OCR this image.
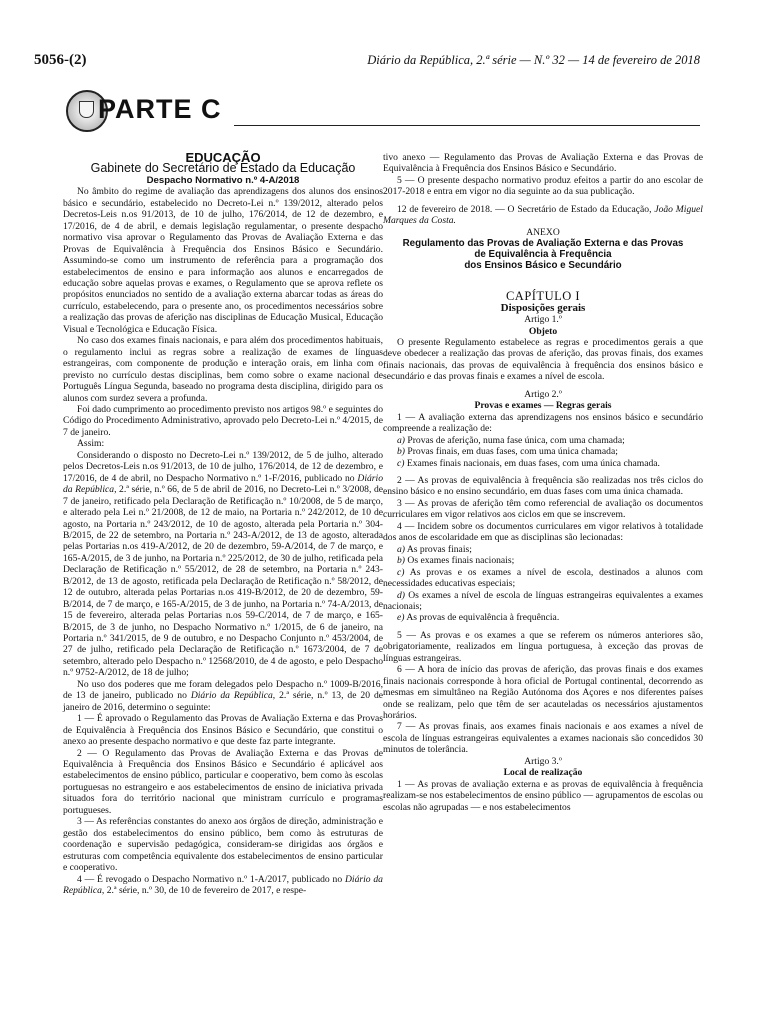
5056-(2)	Diário da República, 2.ª série — N.º 32 — 14 de fevereiro de 2018
PARTE C

EDUCAÇÃO

Gabinete do Secretário de Estado da Educação

Despacho Normativo n.º 4-A/2018

No âmbito do regime de avaliação das aprendizagens dos alunos dos ensinos básico e secundário, estabelecido no Decreto-Lei n.º 139/2012, alterado pelos Decretos-Leis n.os 91/2013, de 10 de julho, 176/2014, de 12 de dezembro, e 17/2016, de 4 de abril, e demais legislação regulamentar, o presente despacho normativo visa aprovar o Regulamento das Provas de Avaliação Externa e das Provas de Equivalência à Frequência dos Ensinos Básico e Secundário. Assumindo-se como um instrumento de referência para a programação dos estabelecimentos de ensino e para informação aos alunos e encarregados de educação sobre aquelas provas e exames, o Regulamento que se aprova reflete os propósitos enunciados no sentido de a avaliação externa abarcar todas as áreas do currículo, estabelecendo, para o presente ano, os procedimentos necessários sobre a realização das provas de aferição nas disciplinas de Educação Musical, Educação Visual e Tecnológica e Educação Física.

No caso dos exames finais nacionais, e para além dos procedimentos habituais, o regulamento inclui as regras sobre a realização de exames de línguas estrangeiras, com componente de produção e interação orais, em linha com o previsto no currículo destas disciplinas, bem como sobre o exame nacional de Português Língua Segunda, baseado no programa desta disciplina, dirigido para os alunos com surdez severa a profunda.

Foi dado cumprimento ao procedimento previsto nos artigos 98.º e seguintes do Código do Procedimento Administrativo, aprovado pelo Decreto-Lei n.º 4/2015, de 7 de janeiro.

Assim:

Considerando o disposto no Decreto-Lei n.º 139/2012, de 5 de julho, alterado pelos Decretos-Leis n.os 91/2013, de 10 de julho, 176/2014, de 12 de dezembro, e 17/2016, de 4 de abril, no Despacho Normativo n.º 1-F/2016, publicado no Diário da República, 2.ª série, n.º 66, de 5 de abril de 2016, no Decreto-Lei n.º 3/2008, de 7 de janeiro, retificado pela Declaração de Retificação n.º 10/2008, de 5 de março, e alterado pela Lei n.º 21/2008, de 12 de maio, na Portaria n.º 242/2012, de 10 de agosto, na Portaria n.º 243/2012, de 10 de agosto, alterada pela Portaria n.º 304-B/2015, de 22 de setembro, na Portaria n.º 243-A/2012, de 13 de agosto, alterada pelas Portarias n.os 419-A/2012, de 20 de dezembro, 59-A/2014, de 7 de março, e 165-A/2015, de 3 de junho, na Portaria n.º 225/2012, de 30 de julho, retificada pela Declaração de Retificação n.º 55/2012, de 28 de setembro, na Portaria n.º 243-B/2012, de 13 de agosto, retificada pela Declaração de Retificação n.º 58/2012, de 12 de outubro, alterada pelas Portarias n.os 419-B/2012, de 20 de dezembro, 59-B/2014, de 7 de março, e 165-A/2015, de 3 de junho, na Portaria n.º 74-A/2013, de 15 de fevereiro, alterada pelas Portarias n.os 59-C/2014, de 7 de março, e 165-B/2015, de 3 de junho, no Despacho Normativo n.º 1/2015, de 6 de janeiro, na Portaria n.º 341/2015, de 9 de outubro, e no Despacho Conjunto n.º 453/2004, de 27 de julho, retificado pela Declaração de Retificação n.º 1673/2004, de 7 de setembro, alterado pelo Despacho n.º 12568/2010, de 4 de agosto, e pelo Despacho n.º 9752-A/2012, de 18 de julho;

No uso dos poderes que me foram delegados pelo Despacho n.º 1009-B/2016, de 13 de janeiro, publicado no Diário da República, 2.ª série, n.º 13, de 20 de janeiro de 2016, determino o seguinte:

1 — É aprovado o Regulamento das Provas de Avaliação Externa e das Provas de Equivalência à Frequência dos Ensinos Básico e Secundário, que constitui o anexo ao presente despacho normativo e que deste faz parte integrante.

2 — O Regulamento das Provas de Avaliação Externa e das Provas de Equivalência à Frequência dos Ensinos Básico e Secundário é aplicável aos estabelecimentos de ensino público, particular e cooperativo, bem como às escolas portuguesas no estrangeiro e aos estabelecimentos de ensino de iniciativa privada situados fora do território nacional que ministram currículo e programas portugueses.

3 — As referências constantes do anexo aos órgãos de direção, administração e gestão dos estabelecimentos do ensino público, bem como às estruturas de coordenação e supervisão pedagógica, consideram-se dirigidas aos órgãos e estruturas com competência equivalente dos estabelecimentos de ensino particular e cooperativo.

4 — É revogado o Despacho Normativo n.º 1-A/2017, publicado no Diário da República, 2.ª série, n.º 30, de 10 de fevereiro de 2017, e respe-

tivo anexo — Regulamento das Provas de Avaliação Externa e das Provas de Equivalência à Frequência dos Ensinos Básico e Secundário.

5 — O presente despacho normativo produz efeitos a partir do ano escolar de 2017-2018 e entra em vigor no dia seguinte ao da sua publicação.

12 de fevereiro de 2018. — O Secretário de Estado da Educação, João Miguel Marques da Costa.

ANEXO

Regulamento das Provas de Avaliação Externa e das Provas
de Equivalência à Frequência
dos Ensinos Básico e Secundário

CAPÍTULO I

Disposições gerais

Artigo 1.º

Objeto

O presente Regulamento estabelece as regras e procedimentos gerais a que deve obedecer a realização das provas de aferição, das provas finais, dos exames finais nacionais, das provas de equivalência à frequência dos ensinos básico e secundário e das provas finais e exames a nível de escola.

Artigo 2.º

Provas e exames — Regras gerais

1 — A avaliação externa das aprendizagens nos ensinos básico e secundário compreende a realização de:

a) Provas de aferição, numa fase única, com uma chamada;

b) Provas finais, em duas fases, com uma única chamada;

c) Exames finais nacionais, em duas fases, com uma única chamada.

2 — As provas de equivalência à frequência são realizadas nos três ciclos do ensino básico e no ensino secundário, em duas fases com uma única chamada.

3 — As provas de aferição têm como referencial de avaliação os documentos curriculares em vigor relativos aos ciclos em que se inscrevem.

4 — Incidem sobre os documentos curriculares em vigor relativos à totalidade dos anos de escolaridade em que as disciplinas são lecionadas:

a) As provas finais;

b) Os exames finais nacionais;

c) As provas e os exames a nível de escola, destinados a alunos com necessidades educativas especiais;

d) Os exames a nível de escola de línguas estrangeiras equivalentes a exames nacionais;

e) As provas de equivalência à frequência.

5 — As provas e os exames a que se referem os números anteriores são, obrigatoriamente, realizados em língua portuguesa, à exceção das provas de línguas estrangeiras.

6 — A hora de início das provas de aferição, das provas finais e dos exames finais nacionais corresponde à hora oficial de Portugal continental, decorrendo as mesmas em simultâneo na Região Autónoma dos Açores e nos diferentes países onde se realizam, pelo que têm de ser acauteladas os necessários ajustamentos horários.

7 — As provas finais, aos exames finais nacionais e aos exames a nível de escola de línguas estrangeiras equivalentes a exames nacionais são concedidos 30 minutos de tolerância.

Artigo 3.º

Local de realização

1 — As provas de avaliação externa e as provas de equivalência à frequência realizam-se nos estabelecimentos de ensino público — agrupamentos de escolas ou escolas não agrupadas — e nos estabelecimentos
